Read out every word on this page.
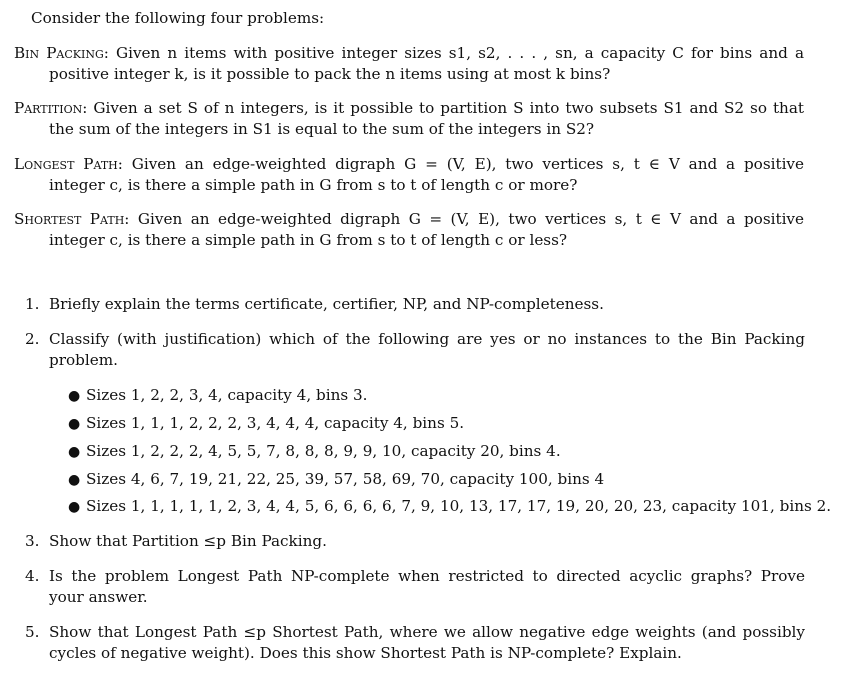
Consider the following four problems:
Bin Packing: Given n items with positive integer sizes s1, s2, . . . , sn, a capacity C for bins and a
positive integer k, is it possible to pack the n items using at most k bins?
Partition: Given a set S of n integers, is it possible to partition S into two subsets S1 and S2 so that
the sum of the integers in S1 is equal to the sum of the integers in S2?
Longest Path: Given an edge-weighted digraph G = (V, E), two vertices s, t ∈ V and a positive
integer c, is there a simple path in G from s to t of length c or more?
Shortest Path: Given an edge-weighted digraph G = (V, E), two vertices s, t ∈ V and a positive
integer c, is there a simple path in G from s to t of length c or less?
1. Briefly explain the terms certificate, certifier, NP, and NP-completeness.
2. Classify (with justification) which of the following are yes or no instances to the Bin Packing
problem.
● Sizes 1, 2, 2, 3, 4, capacity 4, bins 3.
● Sizes 1, 1, 1, 2, 2, 2, 3, 4, 4, 4, capacity 4, bins 5.
● Sizes 1, 2, 2, 2, 4, 5, 5, 7, 8, 8, 8, 9, 9, 10, capacity 20, bins 4.
● Sizes 4, 6, 7, 19, 21, 22, 25, 39, 57, 58, 69, 70, capacity 100, bins 4
● Sizes 1, 1, 1, 1, 1, 2, 3, 4, 4, 5, 6, 6, 6, 6, 7, 9, 10, 13, 17, 17, 19, 20, 20, 23, capacity 101, bins 2.
3. Show that Partition ≤p Bin Packing.
4. Is the problem Longest Path NP-complete when restricted to directed acyclic graphs? Prove
your answer.
5. Show that Longest Path ≤p Shortest Path, where we allow negative edge weights (and possibly
cycles of negative weight). Does this show Shortest Path is NP-complete? Explain.
